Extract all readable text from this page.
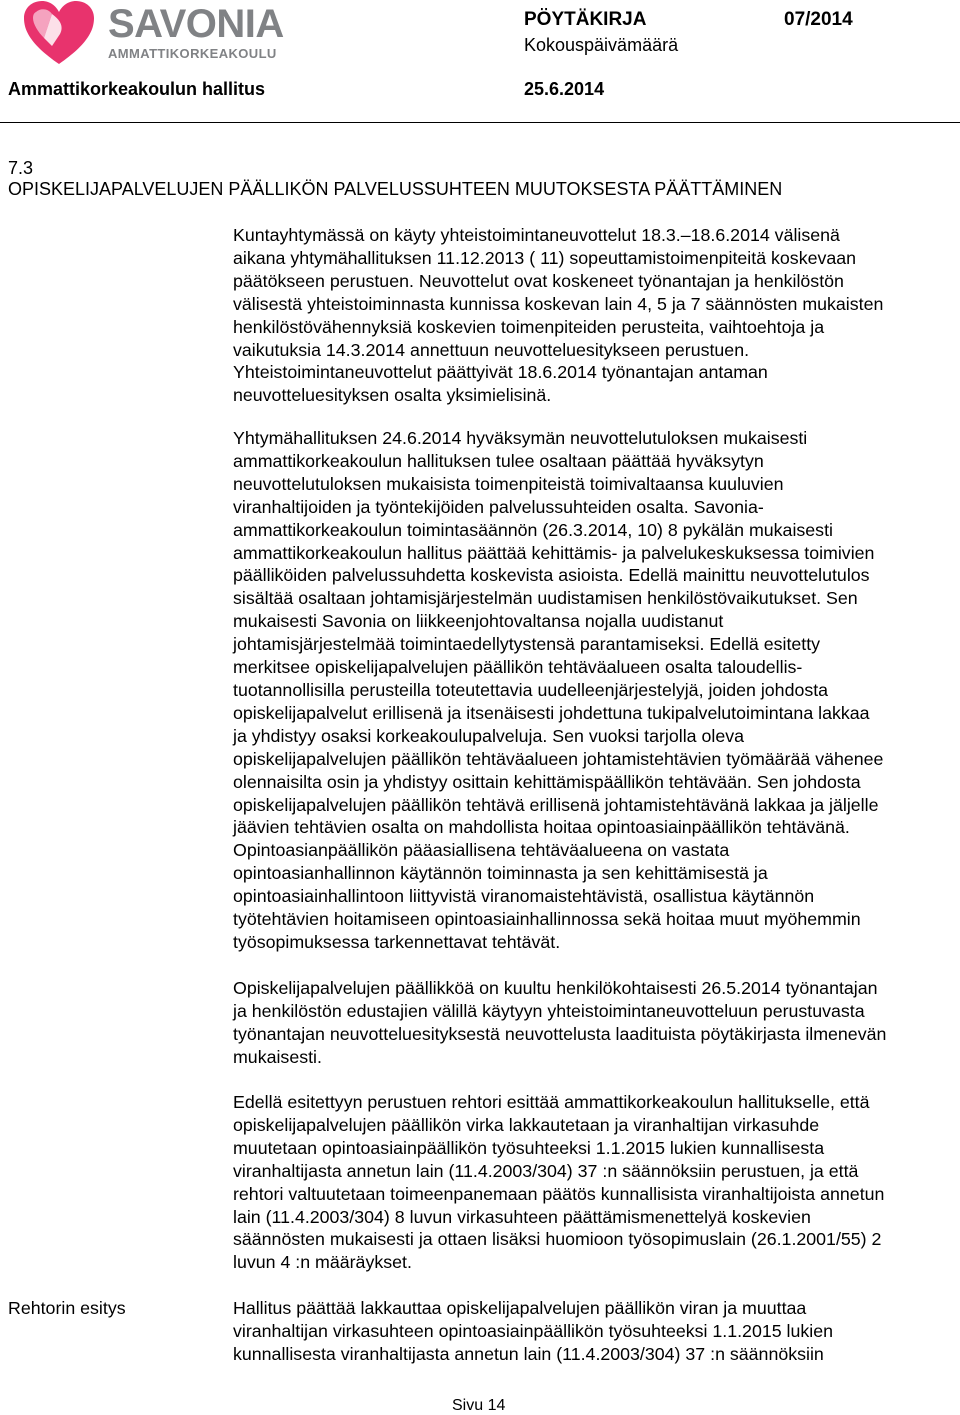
SAVONIA
AMMATTIKORKEAKOULU
PÖYTÄKIRJA	07/2014
Kokouspäivämäärä
Ammattikorkeakoulun hallitus	25.6.2014
7.3
OPISKELIJAPALVELUJEN PÄÄLLIKÖN PALVELUSSUHTEEN MUUTOKSESTA PÄÄTTÄMINEN

Kuntayhtymässä on käyty yhteistoimintaneuvottelut 18.3.–18.6.2014 välisenä
aikana yhtymähallituksen 11.12.2013 ( 11) sopeuttamistoimenpiteitä koskevaan
päätökseen perustuen. Neuvottelut ovat koskeneet työnantajan ja henkilöstön
välisestä yhteistoiminnasta kunnissa koskevan lain 4, 5 ja 7 säännösten mukaisten
henkilöstövähennyksiä koskevien toimenpiteiden perusteita, vaihtoehtoja ja
vaikutuksia 14.3.2014 annettuun neuvotteluesitykseen perustuen.
Yhteistoimintaneuvottelut päättyivät 18.6.2014 työnantajan antaman
neuvotteluesityksen osalta yksimielisinä.

Yhtymähallituksen 24.6.2014 hyväksymän neuvottelutuloksen mukaisesti
ammattikorkeakoulun hallituksen tulee osaltaan päättää hyväksytyn
neuvottelutuloksen mukaisista toimenpiteistä toimivaltaansa kuuluvien
viranhaltijoiden ja työntekijöiden palvelussuhteiden osalta. Savonia-
ammattikorkeakoulun toimintasäännön (26.3.2014, 10) 8 pykälän mukaisesti
ammattikorkeakoulun hallitus päättää kehittämis- ja palvelukeskuksessa toimivien
päälliköiden palvelussuhdetta koskevista asioista. Edellä mainittu neuvottelutulos
sisältää osaltaan johtamisjärjestelmän uudistamisen henkilöstövaikutukset. Sen
mukaisesti Savonia on liikkeenjohtovaltansa nojalla uudistanut
johtamisjärjestelmää toimintaedellytystensä parantamiseksi. Edellä esitetty
merkitsee opiskelijapalvelujen päällikön tehtäväalueen osalta taloudellis-
tuotannollisilla perusteilla toteutettavia uudelleenjärjestelyjä, joiden johdosta
opiskelijapalvelut erillisenä ja itsenäisesti johdettuna tukipalvelutoimintana lakkaa
ja yhdistyy osaksi korkeakoulupalveluja. Sen vuoksi tarjolla oleva
opiskelijapalvelujen päällikön tehtäväalueen johtamistehtävien työmäärää vähenee
olennaisilta osin ja yhdistyy osittain kehittämispäällikön tehtävään. Sen johdosta
opiskelijapalvelujen päällikön tehtävä erillisenä johtamistehtävänä lakkaa ja jäljelle
jäävien tehtävien osalta on mahdollista hoitaa opintoasiainpäällikön tehtävänä.
Opintoasianpäällikön pääasiallisena tehtäväalueena on vastata
opintoasianhallinnon käytännön toiminnasta ja sen kehittämisestä ja
opintoasiainhallintoon liittyvistä viranomaistehtävistä, osallistua käytännön
työtehtävien hoitamiseen opintoasiainhallinnossa sekä hoitaa muut myöhemmin
työsopimuksessa tarkennettavat tehtävät.

Opiskelijapalvelujen päällikköä on kuultu henkilökohtaisesti 26.5.2014 työnantajan
ja henkilöstön edustajien välillä käytyyn yhteistoimintaneuvotteluun perustuvasta
työnantajan neuvotteluesityksestä neuvottelusta laadituista pöytäkirjasta ilmenevän
mukaisesti.

Edellä esitettyyn perustuen rehtori esittää ammattikorkeakoulun hallitukselle, että
opiskelijapalvelujen päällikön virka lakkautetaan ja viranhaltijan virkasuhde
muutetaan opintoasiainpäällikön työsuhteeksi 1.1.2015 lukien kunnallisesta
viranhaltijasta annetun lain (11.4.2003/304) 37 :n säännöksiin perustuen, ja että
rehtori valtuutetaan toimeenpanemaan päätös kunnallisista viranhaltijoista annetun
lain (11.4.2003/304) 8 luvun virkasuhteen päättämismenettelyä koskevien
säännösten mukaisesti ja ottaen lisäksi huomioon työsopimuslain (26.1.2001/55) 2
luvun 4 :n määräykset.

Rehtorin esitys	Hallitus päättää lakkauttaa opiskelijapalvelujen päällikön viran ja muuttaa
viranhaltijan virkasuhteen opintoasiainpäällikön työsuhteeksi 1.1.2015 lukien
kunnallisesta viranhaltijasta annetun lain (11.4.2003/304) 37 :n säännöksiin

Sivu 14
